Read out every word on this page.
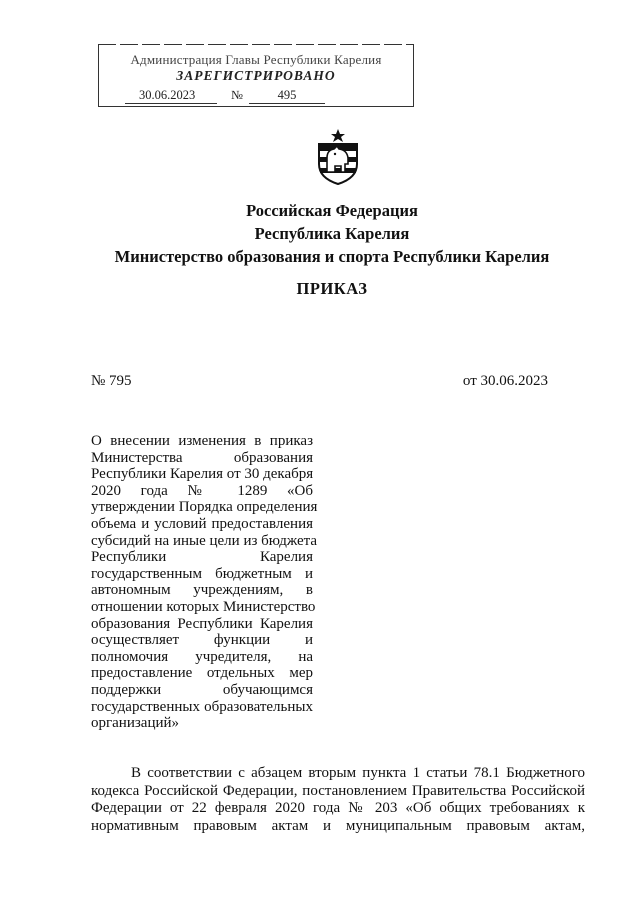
Администрация Главы Республики Карелия
ЗАРЕГИСТРИРОВАНО
30.06.2023	№	495
Российская Федерация
Республика Карелия
Министерство образования и спорта Республики Карелия
ПРИКАЗ
№ 795	от 30.06.2023
О внесении изменения в приказ
Министерства образования
Республики Карелия от 30 декабря
2020 года № 1289 «Об
утверждении Порядка определения
объема и условий предоставления
субсидий на иные цели из бюджета
Республики Карелия
государственным бюджетным и
автономным учреждениям, в
отношении которых Министерство
образования Республики Карелия
осуществляет функции и
полномочия учредителя, на
предоставление отдельных мер
поддержки обучающимся
государственных образовательных
организаций»
В соответствии с абзацем вторым пункта 1 статьи 78.1 Бюджетного
кодекса Российской Федерации, постановлением Правительства Российской
Федерации от 22 февраля 2020 года № 203 «Об общих требованиях к
нормативным правовым актам и муниципальным правовым актам,
